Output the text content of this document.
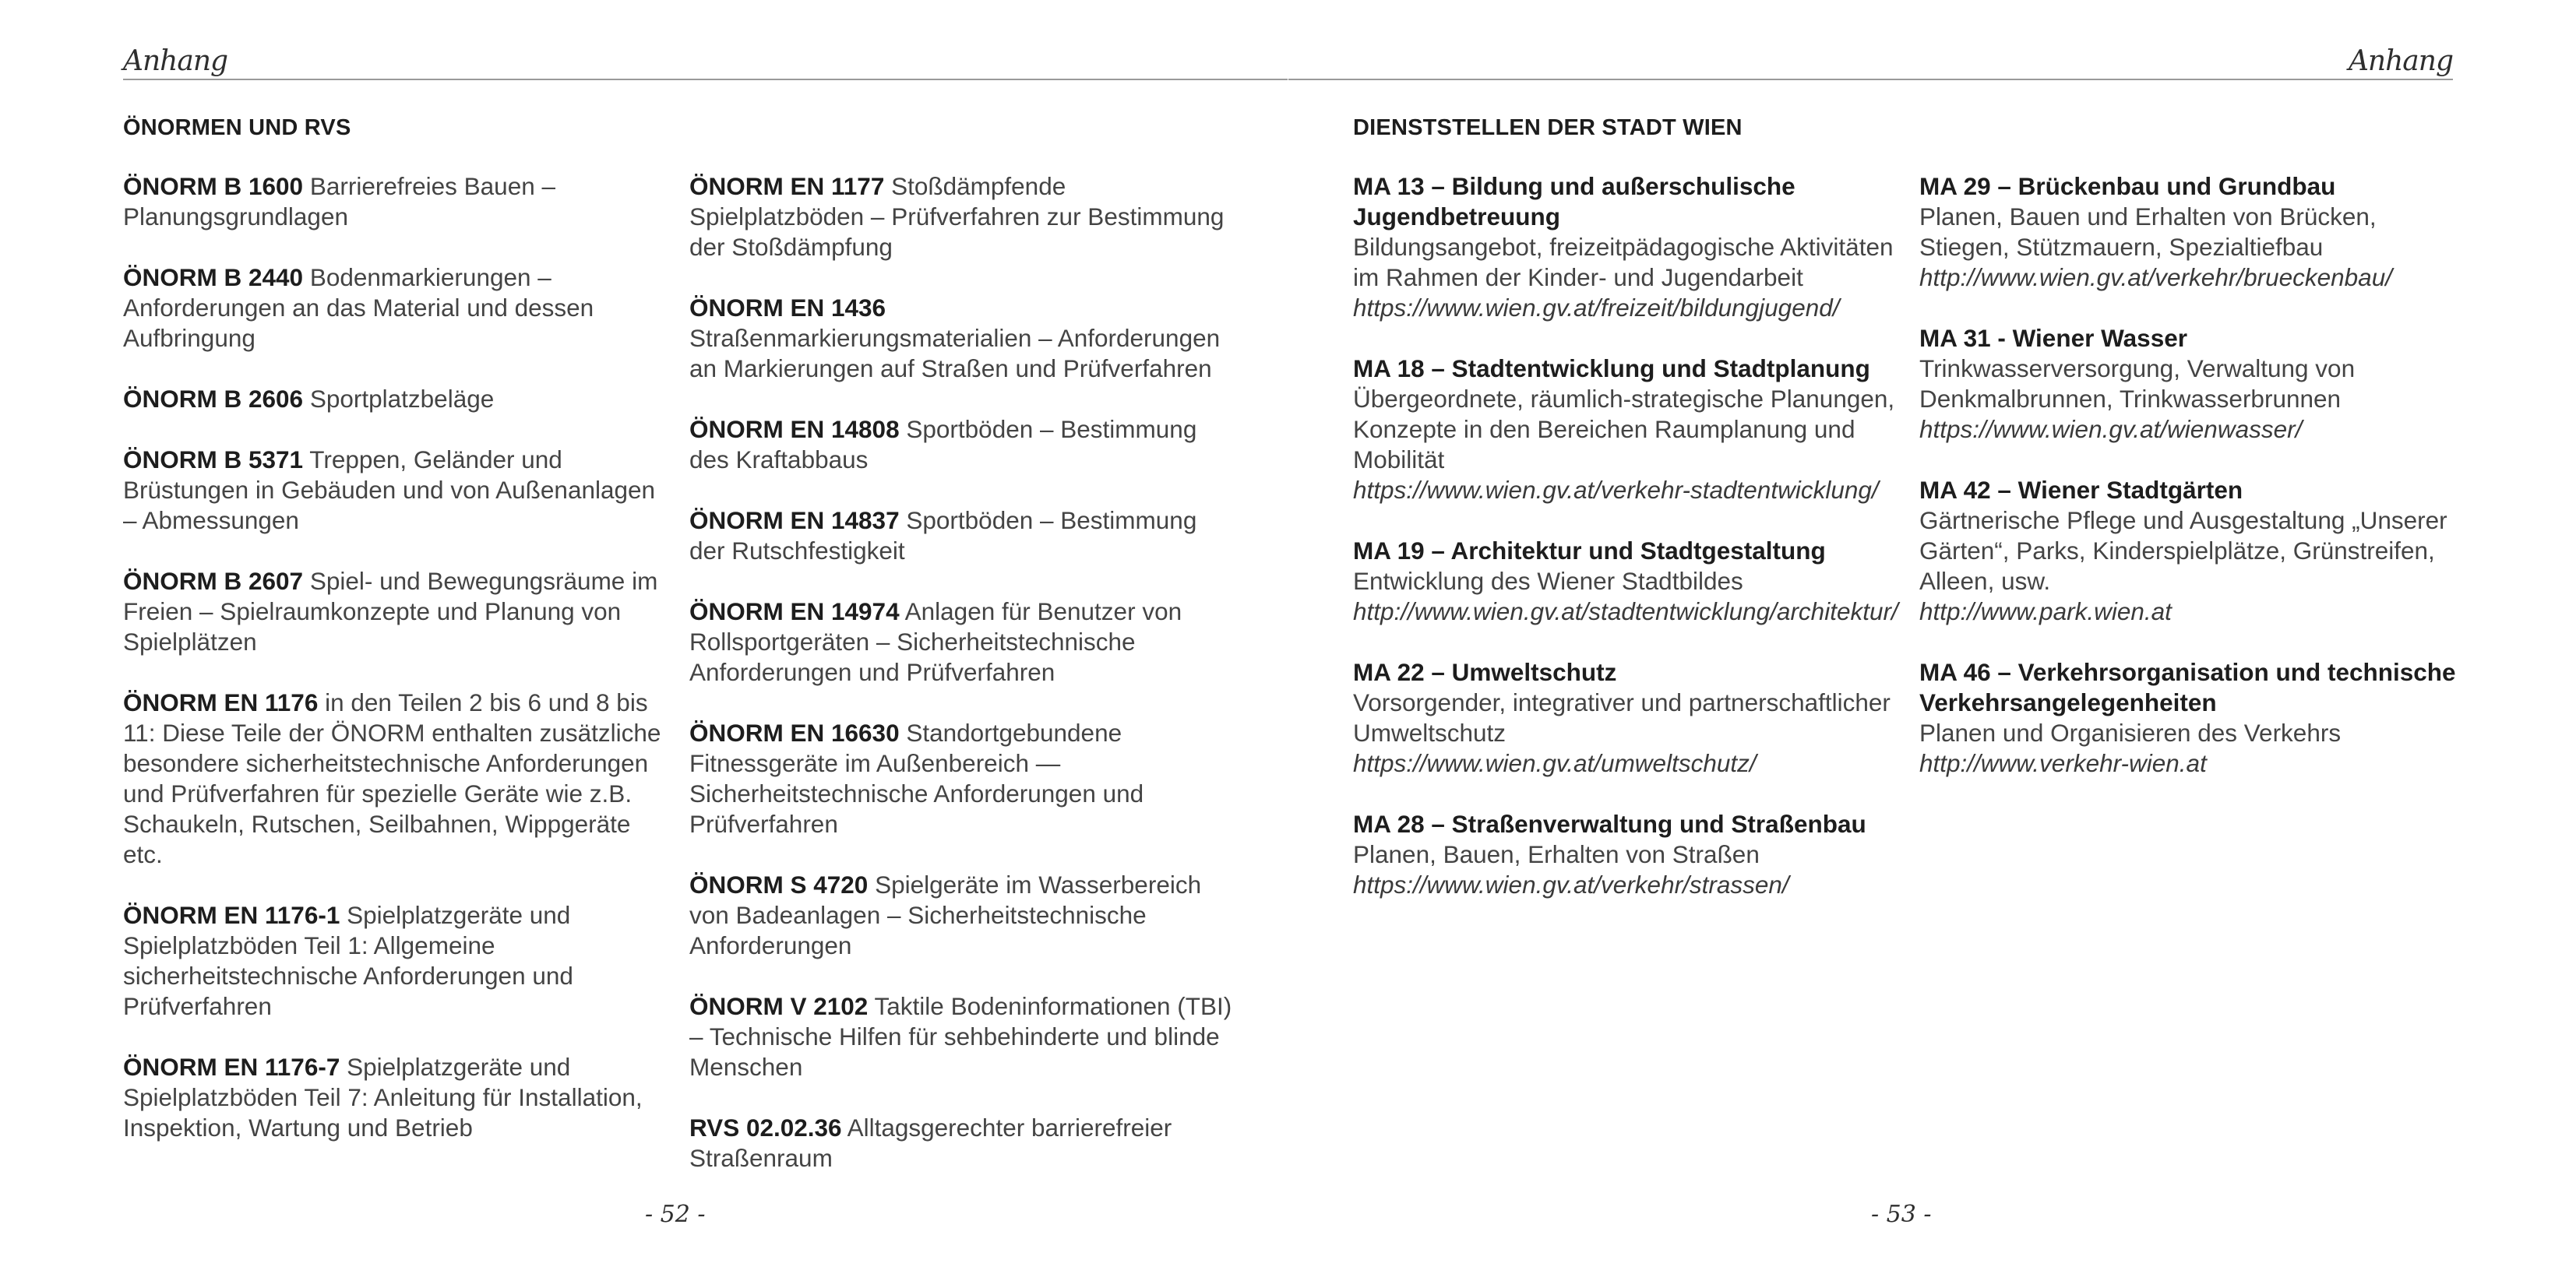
Anhang
ÖNORMEN UND RVS

ÖNORM B 1600 Barrierefreies Bauen – Planungsgrundlagen

ÖNORM B 2440 Bodenmarkierungen – Anforderungen an das Material und dessen Aufbringung

ÖNORM B 2606 Sportplatzbeläge

ÖNORM B 5371 Treppen, Geländer und Brüstungen in Gebäuden und von Außenanlagen – Abmessungen

ÖNORM B 2607 Spiel- und Bewegungsräume im Freien – Spielraumkonzepte und Planung von Spielplätzen

ÖNORM EN 1176 in den Teilen 2 bis 6 und 8 bis 11: Diese Teile der ÖNORM enthalten zusätzliche besondere sicherheitstechnische Anforderungen und Prüfverfahren für spezielle Geräte wie z.B. Schaukeln, Rutschen, Seilbahnen, Wippgeräte etc.

ÖNORM EN 1176-1 Spielplatzgeräte und Spielplatzböden Teil 1: Allgemeine sicherheitstechnische Anforderungen und Prüfverfahren

ÖNORM EN 1176-7 Spielplatzgeräte und Spielplatzböden Teil 7: Anleitung für Installation, Inspektion, Wartung und Betrieb

ÖNORM EN 1177 Stoßdämpfende Spielplatzböden – Prüfverfahren zur Bestimmung der Stoßdämpfung

ÖNORM EN 1436 Straßenmarkierungsmaterialien – Anforderungen an Markierungen auf Straßen und Prüfverfahren

ÖNORM EN 14808 Sportböden – Bestimmung des Kraftabbaus

ÖNORM EN 14837 Sportböden – Bestimmung der Rutschfestigkeit

ÖNORM EN 14974 Anlagen für Benutzer von Rollsportgeräten – Sicherheitstechnische Anforderungen und Prüfverfahren

ÖNORM EN 16630 Standortgebundene Fitnessgeräte im Außenbereich — Sicherheitstechnische Anforderungen und Prüfverfahren

ÖNORM S 4720 Spielgeräte im Wasserbereich von Badeanlagen – Sicherheitstechnische Anforderungen

ÖNORM V 2102 Taktile Bodeninformationen (TBI) – Technische Hilfen für sehbehinderte und blinde Menschen

RVS 02.02.36 Alltagsgerechter barrierefreier Straßenraum

- 52 -
Anhang
DIENSTSTELLEN DER STADT WIEN

MA 13 – Bildung und außerschulische Jugendbetreuung
Bildungsangebot, freizeitpädagogische Aktivitäten im Rahmen der Kinder- und Jugendarbeit
https://www.wien.gv.at/freizeit/bildungjugend/

MA 18 – Stadtentwicklung und Stadtplanung
Übergeordnete, räumlich-strategische Planungen, Konzepte in den Bereichen Raumplanung und Mobilität
https://www.wien.gv.at/verkehr-stadtentwicklung/

MA 19 – Architektur und Stadtgestaltung
Entwicklung des Wiener Stadtbildes
http://www.wien.gv.at/stadtentwicklung/architektur/

MA 22 – Umweltschutz
Vorsorgender, integrativer und partnerschaftlicher Umweltschutz
https://www.wien.gv.at/umweltschutz/

MA 28 – Straßenverwaltung und Straßenbau
Planen, Bauen, Erhalten von Straßen
https://www.wien.gv.at/verkehr/strassen/

MA 29 – Brückenbau und Grundbau
Planen, Bauen und Erhalten von Brücken, Stiegen, Stützmauern, Spezialtiefbau
http://www.wien.gv.at/verkehr/brueckenbau/

MA 31 - Wiener Wasser
Trinkwasserversorgung, Verwaltung von Denkmalbrunnen, Trinkwasserbrunnen
https://www.wien.gv.at/wienwasser/

MA 42 – Wiener Stadtgärten
Gärtnerische Pflege und Ausgestaltung „Unserer Gärten“, Parks, Kinderspielplätze, Grünstreifen, Alleen, usw.
http://www.park.wien.at

MA 46 – Verkehrsorganisation und technische Verkehrsangelegenheiten
Planen und Organisieren des Verkehrs
http://www.verkehr-wien.at

- 53 -
